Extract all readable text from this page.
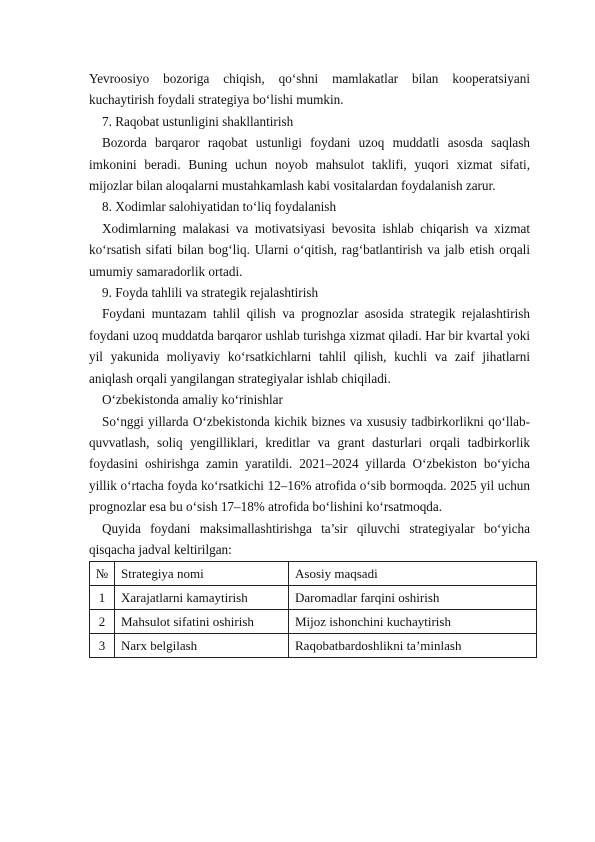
Yevroosiyo bozoriga chiqish, qo‘shni mamlakatlar bilan kooperatsiyani kuchaytirish foydali strategiya bo‘lishi mumkin.

7. Raqobat ustunligini shakllantirish

Bozorda barqaror raqobat ustunligi foydani uzoq muddatli asosda saqlash imkonini beradi. Buning uchun noyob mahsulot taklifi, yuqori xizmat sifati, mijozlar bilan aloqalarni mustahkamlash kabi vositalardan foydalanish zarur.

8. Xodimlar salohiyatidan to‘liq foydalanish

Xodimlarning malakasi va motivatsiyasi bevosita ishlab chiqarish va xizmat ko‘rsatish sifati bilan bog‘liq. Ularni o‘qitish, rag‘batlantirish va jalb etish orqali umumiy samaradorlik ortadi.

9. Foyda tahlili va strategik rejalashtirish

Foydani muntazam tahlil qilish va prognozlar asosida strategik rejalashtirish foydani uzoq muddatda barqaror ushlab turishga xizmat qiladi. Har bir kvartal yoki yil yakunida moliyaviy ko‘rsatkichlarni tahlil qilish, kuchli va zaif jihatlarni aniqlash orqali yangilangan strategiyalar ishlab chiqiladi.

O‘zbekistonda amaliy ko‘rinishlar

So‘nggi yillarda O‘zbekistonda kichik biznes va xususiy tadbirkorlikni qo‘llab-quvvatlash, soliq yengilliklari, kreditlar va grant dasturlari orqali tadbirkorlik foydasini oshirishga zamin yaratildi. 2021–2024 yillarda O‘zbekiston bo‘yicha yillik o‘rtacha foyda ko‘rsatkichi 12–16% atrofida o‘sib bormoqda. 2025 yil uchun prognozlar esa bu o‘sish 17–18% atrofida bo‘lishini ko‘rsatmoqda.

Quyida foydani maksimallashtirishga ta’sir qiluvchi strategiyalar bo‘yicha qisqacha jadval keltirilgan:

№	Strategiya nomi	Asosiy maqsadi
1	Xarajatlarni kamaytirish	Daromadlar farqini oshirish
2	Mahsulot sifatini oshirish	Mijoz ishonchini kuchaytirish
3	Narx belgilash	Raqobatbardoshlikni ta’minlash
